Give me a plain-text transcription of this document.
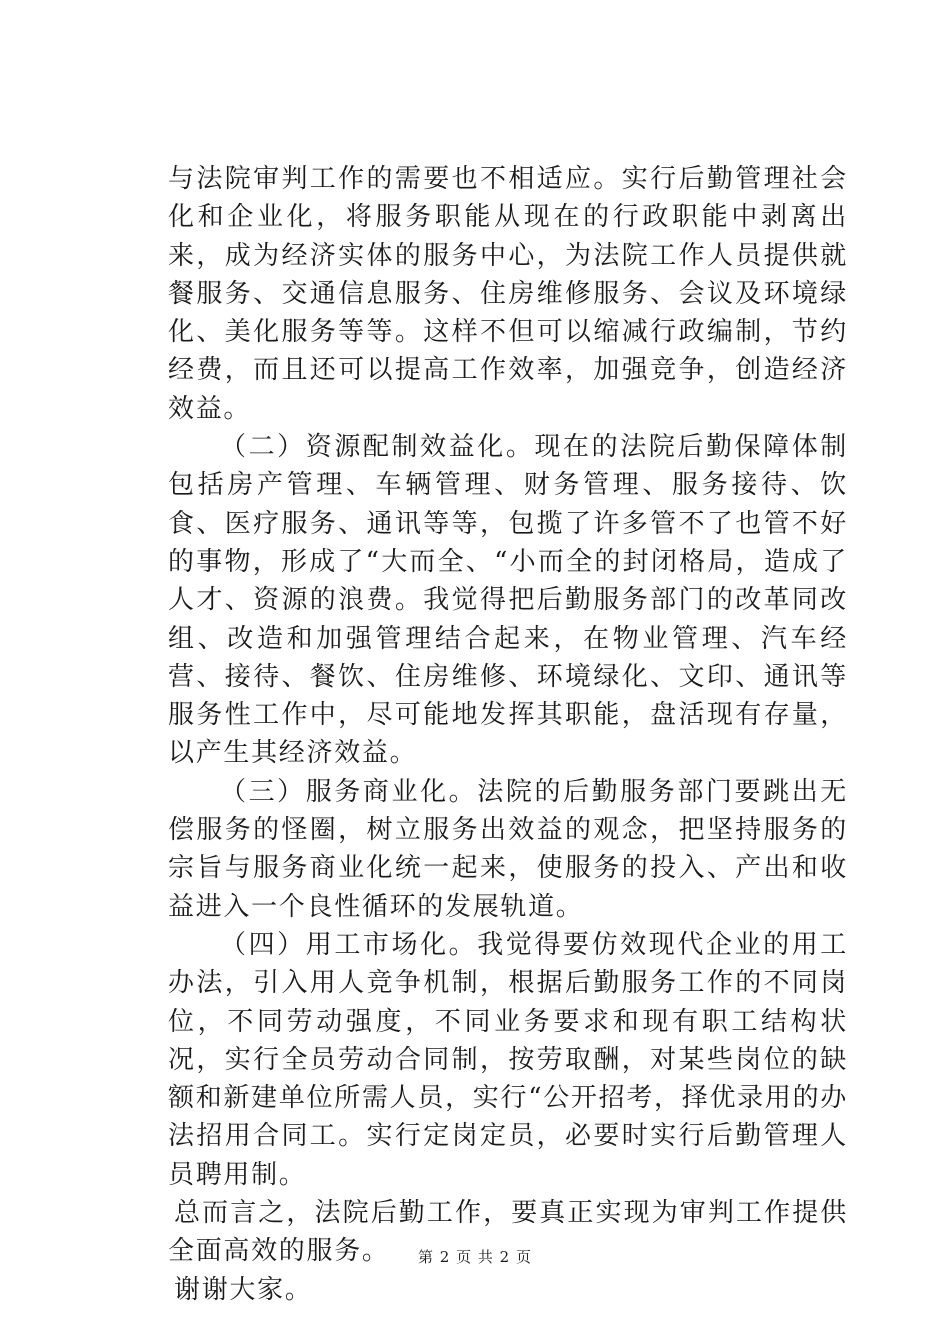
与法院审判工作的需要也不相适应。实行后勤管理社会化和企业化，将服务职能从现在的行政职能中剥离出来，成为经济实体的服务中心，为法院工作人员提供就餐服务、交通信息服务、住房维修服务、会议及环境绿化、美化服务等等。这样不但可以缩减行政编制，节约经费，而且还可以提高工作效率，加强竞争，创造经济效益。

（二）资源配制效益化。现在的法院后勤保障体制包括房产管理、车辆管理、财务管理、服务接待、饮食、医疗服务、通讯等等，包揽了许多管不了也管不好的事物，形成了“大而全、“小而全的封闭格局，造成了人才、资源的浪费。我觉得把后勤服务部门的改革同改组、改造和加强管理结合起来，在物业管理、汽车经营、接待、餐饮、住房维修、环境绿化、文印、通讯等服务性工作中，尽可能地发挥其职能，盘活现有存量，以产生其经济效益。

（三）服务商业化。法院的后勤服务部门要跳出无偿服务的怪圈，树立服务出效益的观念，把坚持服务的宗旨与服务商业化统一起来，使服务的投入、产出和收益进入一个良性循环的发展轨道。

（四）用工市场化。我觉得要仿效现代企业的用工办法，引入用人竞争机制，根据后勤服务工作的不同岗位，不同劳动强度，不同业务要求和现有职工结构状况，实行全员劳动合同制，按劳取酬，对某些岗位的缺额和新建单位所需人员，实行“公开招考，择优录用的办法招用合同工。实行定岗定员，必要时实行后勤管理人员聘用制。

总而言之，法院后勤工作，要真正实现为审判工作提供全面高效的服务。

谢谢大家。

第 2 页 共 2 页
